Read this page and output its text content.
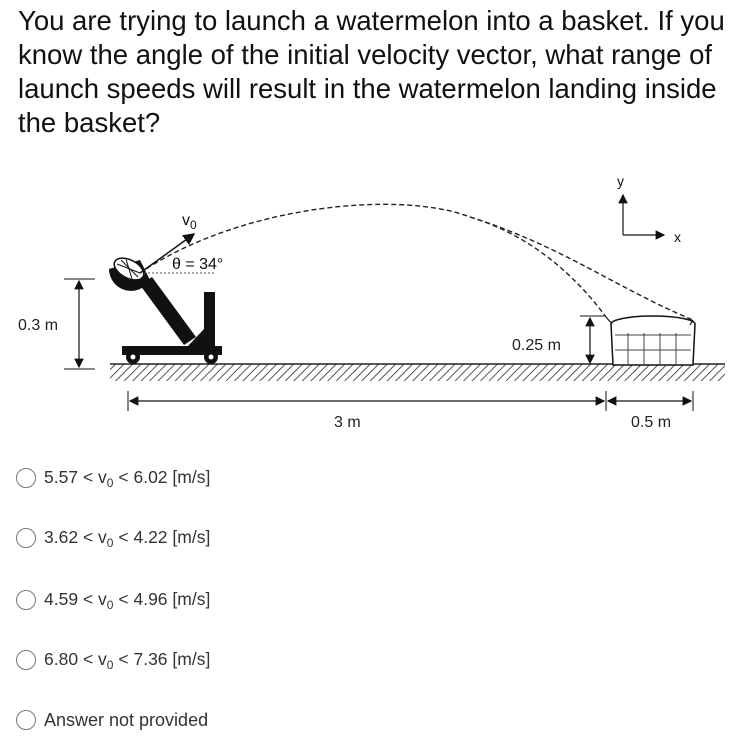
You are trying to launch a watermelon into a basket. If you know the angle of the initial velocity vector, what range of launch speeds will result in the watermelon landing inside the basket?
$v_0$
θ = 34°
0.3 m
0.25 m
3 m	0.5 m
y
x
$5.57 < v_0 < 6.02$ [m/s]
$3.62 < v_0 < 4.22$ [m/s]
$4.59 < v_0 < 4.96$ [m/s]
$6.80 < v_0 < 7.36$ [m/s]
Answer not provided
